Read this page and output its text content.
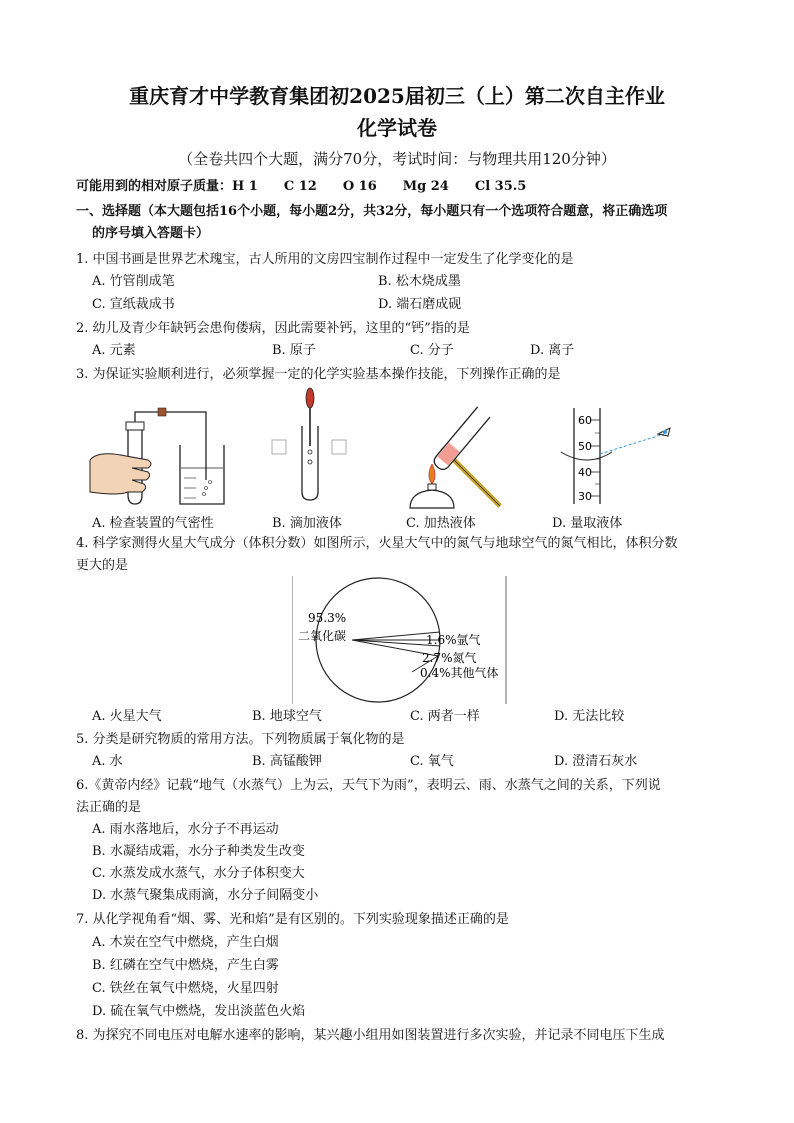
重庆育才中学教育集团初2025届初三（上）第二次自主作业
化学试卷
（全卷共四个大题，满分70分，考试时间：与物理共用120分钟）
可能用到的相对原子质量：H 1　　C 12　　O 16　　Mg 24　　Cl 35.5
一、选择题（本大题包括16个小题，每小题2分，共32分，每小题只有一个选项符合题意，将正确选项
的序号填入答题卡）
1. 中国书画是世界艺术瑰宝，古人所用的文房四宝制作过程中一定发生了化学变化的是
A. 竹管削成笔	B. 松木烧成墨
C. 宣纸裁成书	D. 端石磨成砚
2. 幼儿及青少年缺钙会患佝偻病，因此需要补钙，这里的“钙”指的是
A. 元素	B. 原子	C. 分子	D. 离子
3. 为保证实验顺利进行，必须掌握一定的化学实验基本操作技能，下列操作正确的是
A. 检查装置的气密性	B. 滴加液体	C. 加热液体
60
50
40
30
D. 量取液体
4. 科学家测得火星大气成分（体积分数）如图所示，火星大气中的氮气与地球空气的氮气相比，体积分数
更大的是
95.3%
二氧化碳	1.6%氩气
2.7%氮气
0.4%其他气体
A. 火星大气	B. 地球空气	C. 两者一样	D. 无法比较
5. 分类是研究物质的常用方法。下列物质属于氧化物的是
A. 水	B. 高锰酸钾	C. 氧气	D. 澄清石灰水
6.《黄帝内经》记载“地气（水蒸气）上为云，天气下为雨”，表明云、雨、水蒸气之间的关系，下列说
法正确的是
A. 雨水落地后，水分子不再运动
B. 水凝结成霜，水分子种类发生改变
C. 水蒸发成水蒸气，水分子体积变大
D. 水蒸气聚集成雨滴，水分子间隔变小
7. 从化学视角看“烟、雾、光和焰”是有区别的。下列实验现象描述正确的是
A. 木炭在空气中燃烧，产生白烟
B. 红磷在空气中燃烧，产生白雾
C. 铁丝在氧气中燃烧，火星四射
D. 硫在氧气中燃烧，发出淡蓝色火焰
8. 为探究不同电压对电解水速率的影响，某兴趣小组用如图装置进行多次实验，并记录不同电压下生成
